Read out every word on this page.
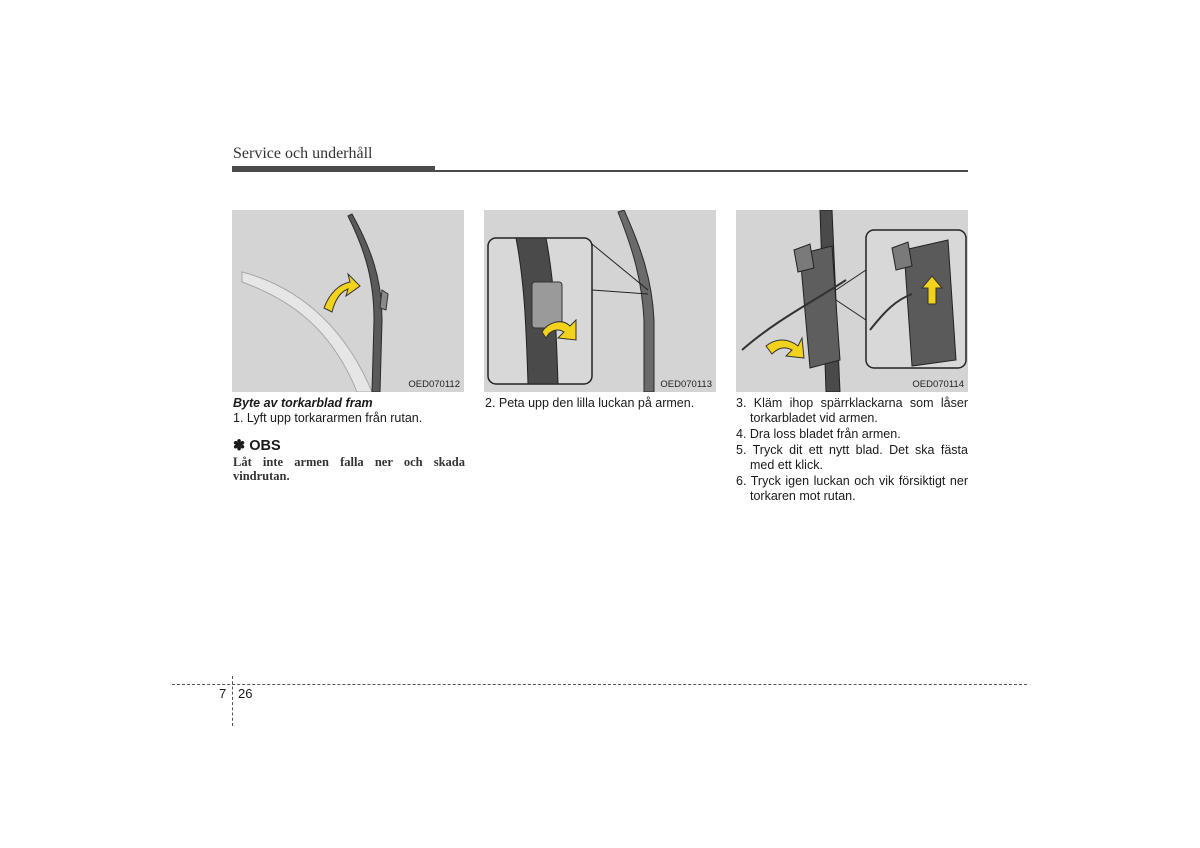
Service och underhåll
OED070112	OED070113	OED070114
Byte av torkarblad fram

1. Lyft upp torkararmen från rutan.

✽ OBS
Låt inte armen falla ner och skada vindrutan.

2. Peta upp den lilla luckan på armen.	3. Kläm ihop spärrklackarna som låser torkarbladet vid armen.

4. Dra loss bladet från armen.

5. Tryck dit ett nytt blad. Det ska fästa med ett klick.

6. Tryck igen luckan och vik försiktigt ner torkaren mot rutan.

7 26
